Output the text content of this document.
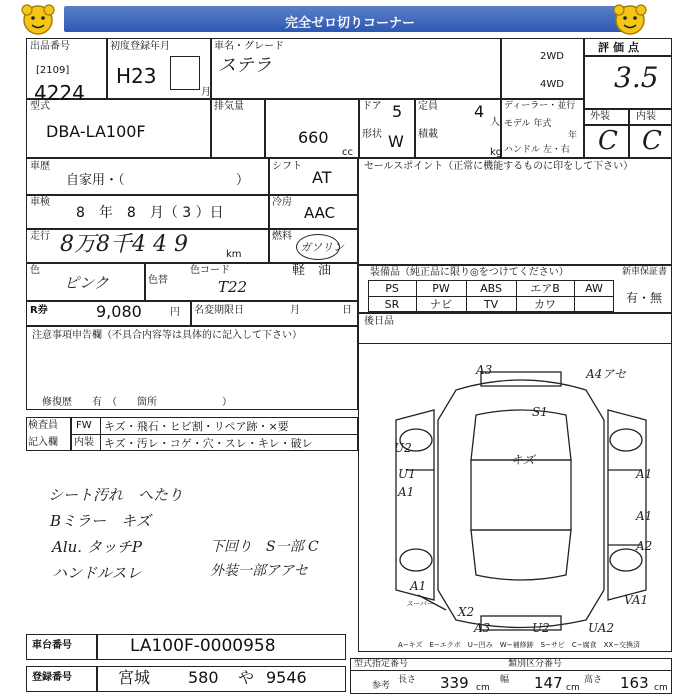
完全ゼロ切りコーナー
出品番号
[2109]
4224
初度登録年月
H23
月
車名・グレード
ステラ	2WD
4WD
評価点
3.5
外装	内装
C C
型式
DBA-LA100F
排気量
660
cc
ドア 5
形状 W
定員 4
人
積載
kg
ディーラー・並行
モデル 年式
年
ハンドル 左・右
車歴
自家用・（	）
シフト
AT
車検
8　年　8　月（ 3 ）日
冷房
AAC
走行 8万8千4 4 9	km
燃料
ガソリン
軽　油
色
ピンク	色替
色コード
T22
R券	9,080	円 名変期限日	月	日
セールスポイント（正常に機能するものに印をして下さい）
装備品（純正品に限り◎をつけてください）	新車保証書
PS	PW	ABS	エアB	AW
SR	ナビ	TV	カワ	有・無
後日品
注意事項申告欄（不具合内容等は具体的に記入して下さい）
修復歴　　有　（　　箇所	）
検査員
記入欄
FW キズ・飛石・ヒビ割・リペア跡・×要
内装 キズ・汚レ・コゲ・穴・スレ・キレ・破レ
シート汚れ　へたり
Bミラー　キズ
Alu. タッチP
ハンドルスレ
下回り　S一部 C
外装一部アアセ
A3	A4アセ
S1
キズ
U2
U1
A1
A1
A2
A1
スーパー
A1
X2
A3	U2	UA2
VA1
A−キズ　E−エクボ　U−凹み　W−補修跡　S−サビ　C−腐食　XX−交換済
車台番号	LA100F-0000958
登録番号	宮城 580 や 9546
型式指定番号	類別区分番号
参考
長さ 339 cm
幅 147 cm
高さ 163 cm
